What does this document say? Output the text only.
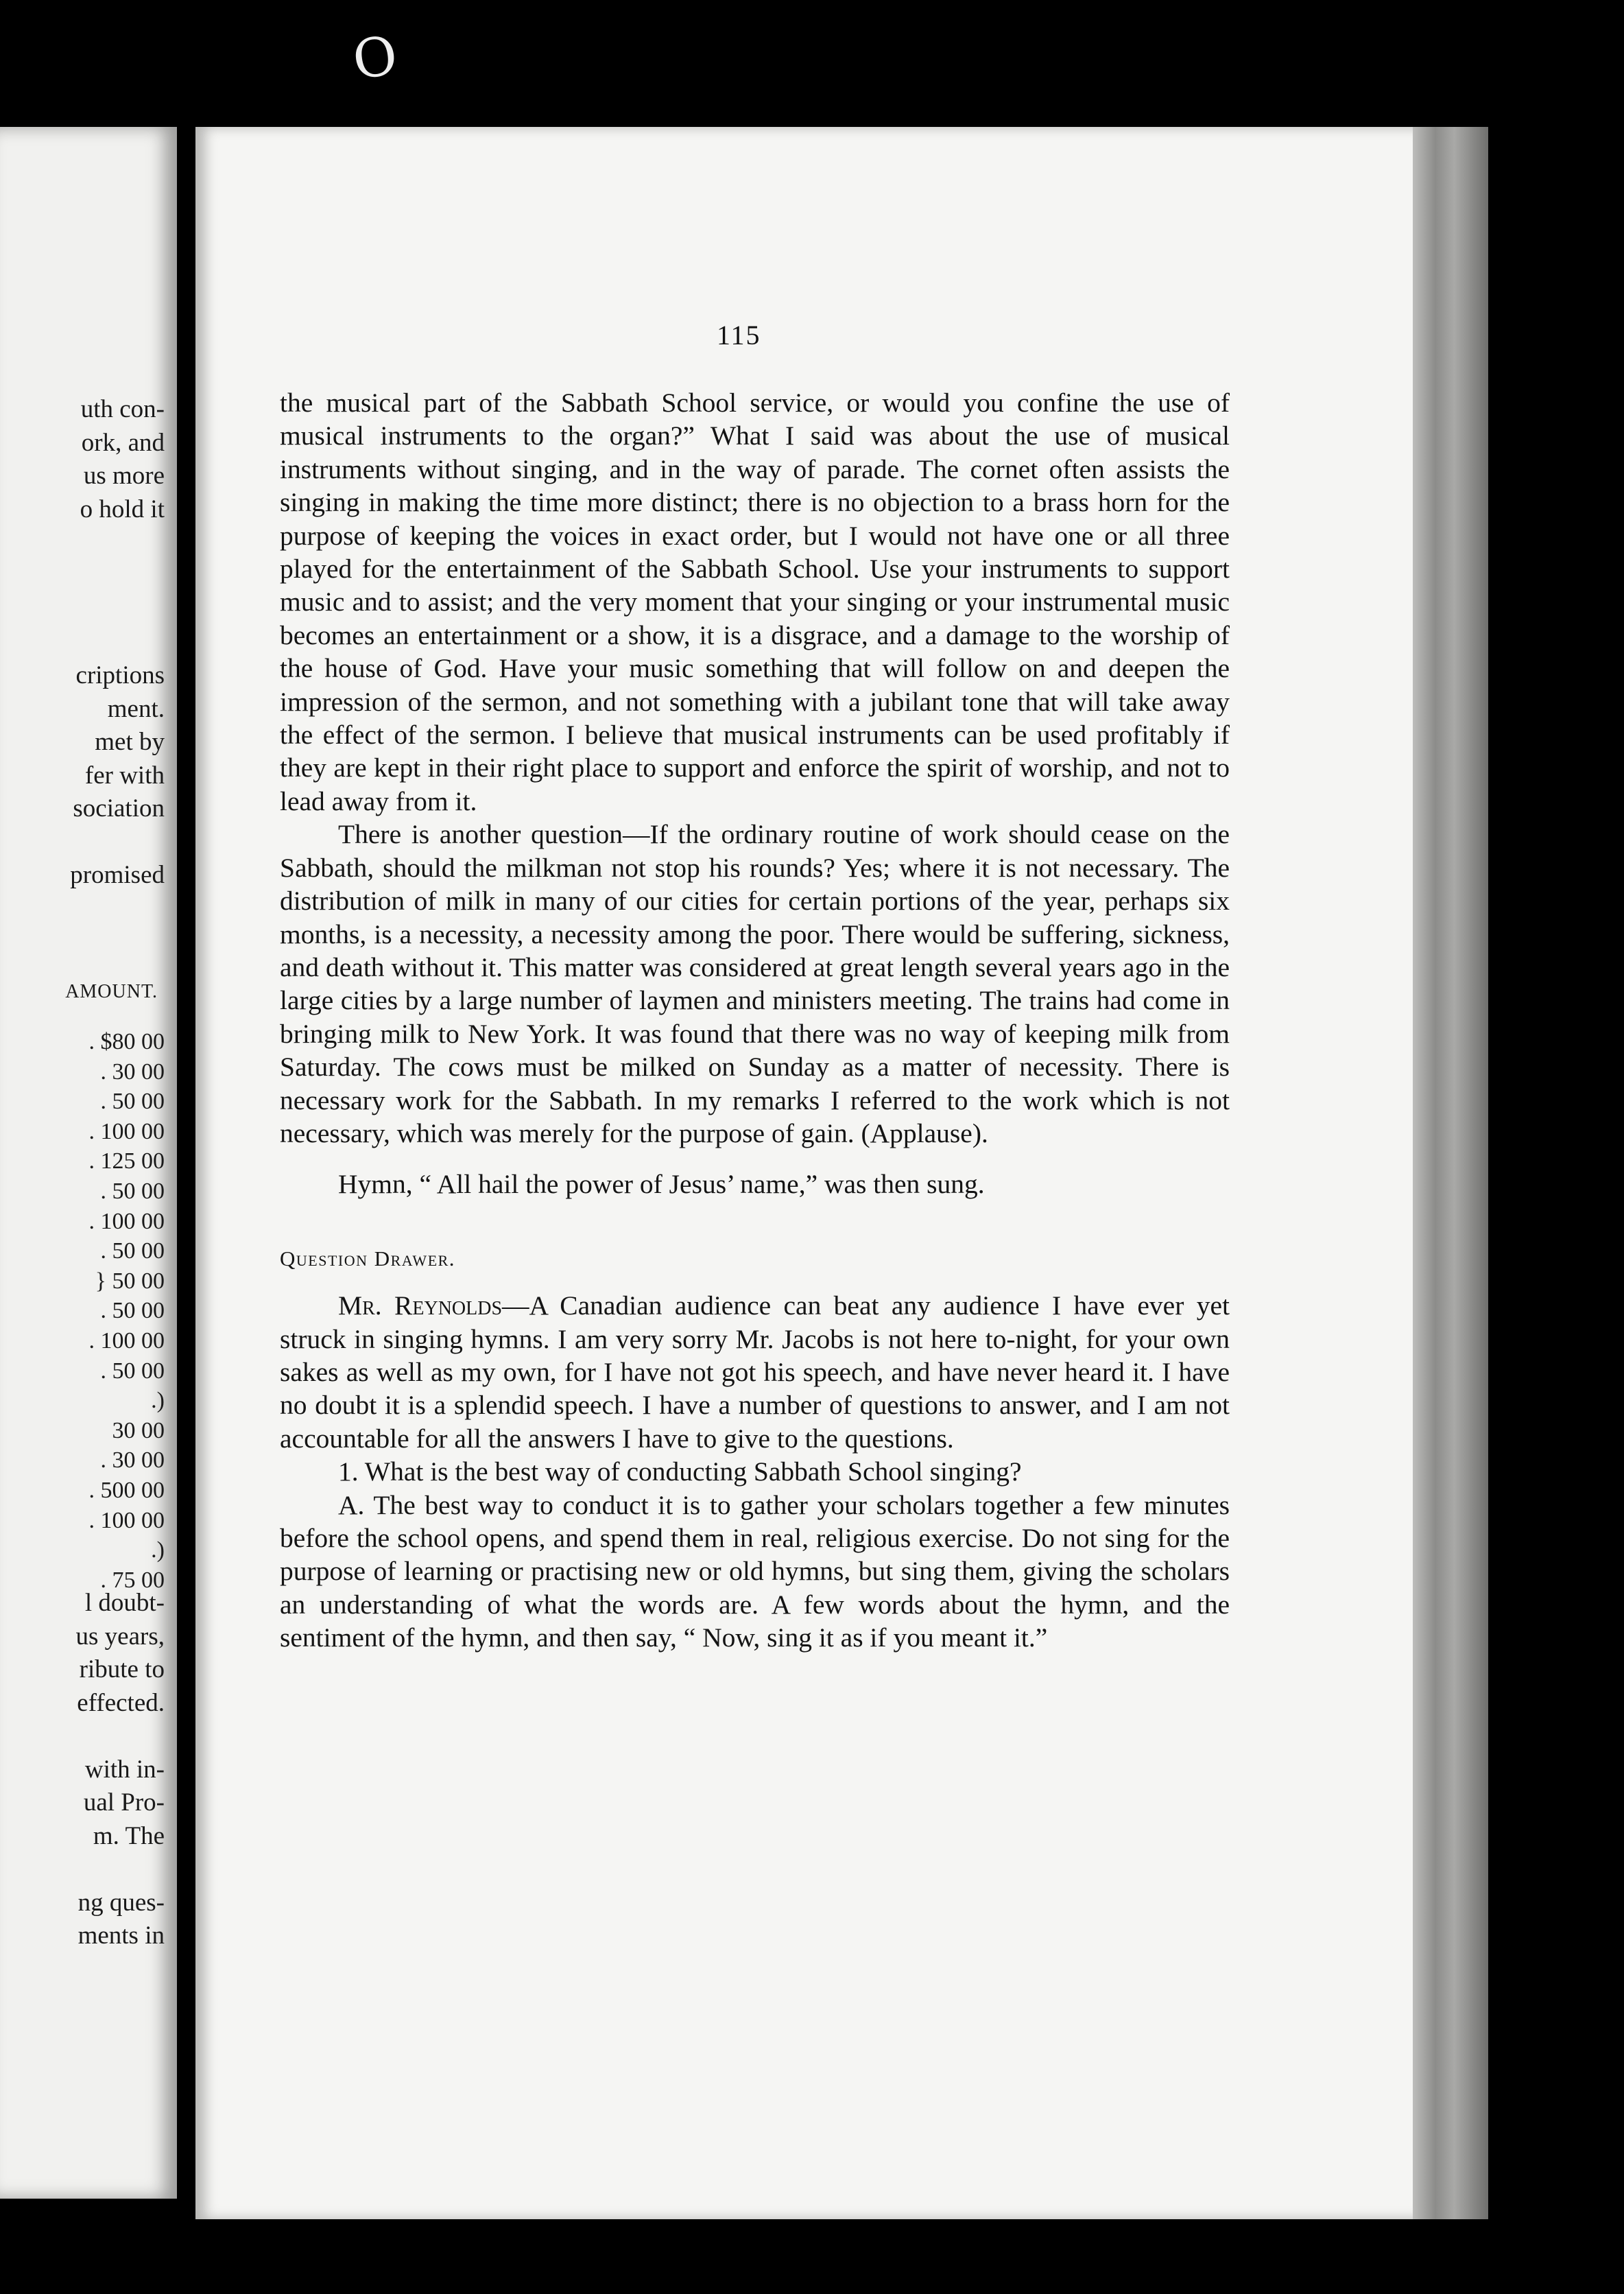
O
uth con-
ork, and
us more
o hold it
criptions
ment.
met by
fer with
sociation
promised
AMOUNT.
. $80 00
. 30 00
. 50 00
. 100 00
. 125 00
. 50 00
. 100 00
. 50 00
} 50 00
. 50 00
. 100 00
. 50 00
.)
30 00
. 30 00
. 500 00
. 100 00
.)
. 75 00
l doubt-
us years,
ribute to
effected.
with in-
ual Pro-
m. The
ng ques-
ments in
115

the musical part of the Sabbath School service, or would you confine the use of musical instruments to the organ?” What I said was about the use of musical instruments without singing, and in the way of parade. The cornet often assists the singing in making the time more distinct; there is no objection to a brass horn for the purpose of keeping the voices in exact order, but I would not have one or all three played for the entertainment of the Sabbath School. Use your instruments to support music and to assist; and the very moment that your singing or your instrumental music becomes an entertainment or a show, it is a disgrace, and a damage to the worship of the house of God. Have your music something that will follow on and deepen the impression of the sermon, and not something with a jubilant tone that will take away the effect of the sermon. I believe that musical instruments can be used profitably if they are kept in their right place to support and enforce the spirit of worship, and not to lead away from it.

There is another question—If the ordinary routine of work should cease on the Sabbath, should the milkman not stop his rounds? Yes; where it is not necessary. The distribution of milk in many of our cities for certain portions of the year, perhaps six months, is a necessity, a necessity among the poor. There would be suffering, sickness, and death without it. This matter was considered at great length several years ago in the large cities by a large number of laymen and ministers meeting. The trains had come in bringing milk to New York. It was found that there was no way of keeping milk from Saturday. The cows must be milked on Sunday as a matter of necessity. There is necessary work for the Sabbath. In my remarks I referred to the work which is not necessary, which was merely for the purpose of gain. (Applause).

Hymn, “ All hail the power of Jesus’ name,” was then sung.

Question Drawer.

Mr. Reynolds—A Canadian audience can beat any audience I have ever yet struck in singing hymns. I am very sorry Mr. Jacobs is not here to-night, for your own sakes as well as my own, for I have not got his speech, and have never heard it. I have no doubt it is a splendid speech. I have a number of questions to answer, and I am not accountable for all the answers I have to give to the questions.

1. What is the best way of conducting Sabbath School singing?

A. The best way to conduct it is to gather your scholars together a few minutes before the school opens, and spend them in real, religious exercise. Do not sing for the purpose of learning or practising new or old hymns, but sing them, giving the scholars an understanding of what the words are. A few words about the hymn, and the sentiment of the hymn, and then say, “ Now, sing it as if you meant it.”
